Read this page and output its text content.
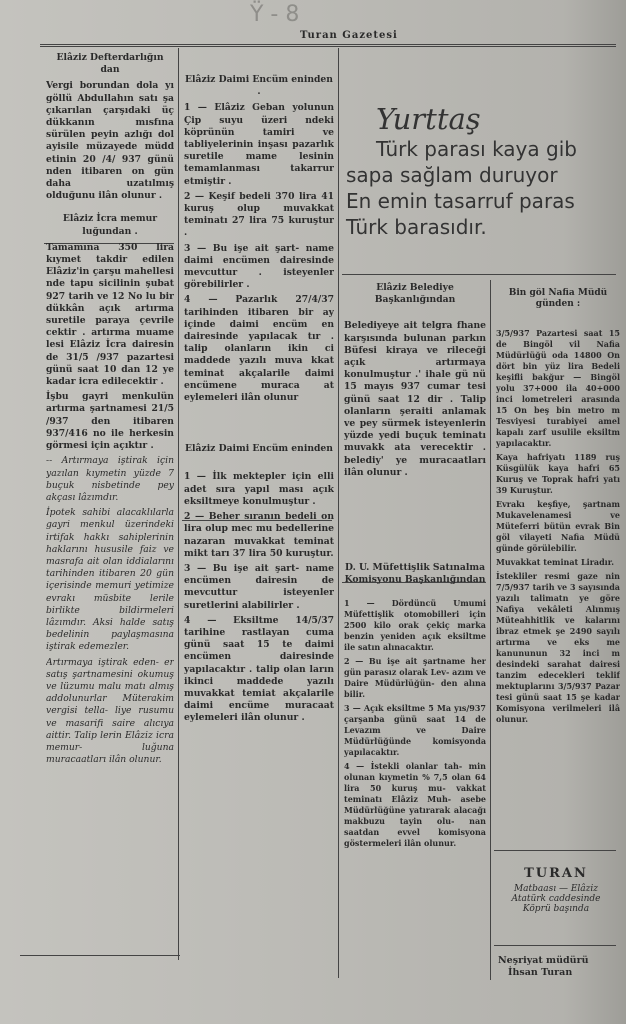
Ÿ - 8
Turan Gazetesi

Elâziz Defterdarlığın dan

Vergi borundan dola yı göllü Abdullahın satı şa çıkarılan çarşıdaki üç dükkanın mısfına sürülen peyin azlığı dol ayisile müzayede müdd etinin 20 /4/ 937 günü nden itibaren on gün daha uzatılmış olduğunu ilân olunur .

Elâziz İcra memur luğundan .

Tamamına 350 lira kıymet takdir edilen Elâziz'in çarşu mahellesi nde tapu sicilinin şubat 927 tarih ve 12 No lu bir dükkân açık artırma suretile paraya çevrile cektir . artırma muame lesi Elâziz İcra dairesin de 31/5 /937 pazartesi günü saat 10 dan 12 ye kadar icra edilecektir .

İşbu gayri menkulün artırma şartnamesi 21/5 /937 den itibaren 937/416 no ile herkesin görmesi için açıktır .

-- Artırmaya iştirak için yazılan kıymetin yüzde 7 buçuk nisbetinde pey akçası lâzımdır.

İpotek sahibi alacaklılarla gayri menkul üzerindeki irtifak hakkı sahiplerinin haklarını hususile faiz ve masrafa ait olan iddialarını tarihinden itibaren 20 gün içerisinde memuri yetimize evrakı müsbite lerile birlikte bildirmeleri lâzımdır. Aksi halde satış bedelinin paylaşmasına iştirak edemezler.

Artırmaya iştirak eden- er satış şartnamesini okumuş ve lüzumu malu matı almış addolunurlar Müterakim vergisi tella- liye rusumu ve masarifi saire alıcıya aittir. Talip lerin Elâziz icra memur- luğuna muracaatları ilân olunur.

Elâziz Daimi Encüm eninden .

1 — Elâziz Geban yolunun Çip suyu üzeri ndeki köprünün tamiri ve tabliyelerinin inşası pazarlık suretile mame lesinin temamlanması takarrur etmiştir .

2 — Keşif bedeli 370 lira 41 kuruş olup muvakkat teminatı 27 lira 75 kuruştur .

3 — Bu işe ait şart- name daimi encümen dairesinde mevcuttur . isteyenler görebilirler .

4 — Pazarlık 27/4/37 tarihinden itibaren bir ay içinde daimi encüm en dairesinde yapılacak tır . talip olanların ikin ci maddede yazılı muva kkat teminat akçalarile daimi encümene muraca at eylemeleri ilân olunur

Elâziz Daimi Encüm eninden

1 — İlk mektepler için elli adet sıra yapıl ması açık eksiltmeye konulmuştur .

2 — Beher sıranın bedeli on lira olup mec mu bedellerine nazaran muvakkat teminat mikt tarı 37 lira 50 kuruştur.

3 — Bu işe ait şart- name encümen dairesin de mevcuttur isteyenler suretlerini alabilirler .

4 — Eksiltme 14/5/37 tarihine rastlayan cuma günü saat 15 te daimi encümen dairesinde yapılacaktır . talip olan ların ikinci maddede yazılı muvakkat temiat akçalarile daimi encüme muracaat eylemeleri ilân olunur .

Yurttaş
Türk parası kaya gib
sapa sağlam duruyor
En emin tasarruf paras
Türk barasıdır.

Elâziz Belediye Başkanlığından

Belediyeye ait telgra fhane karşısında bulunan parkın Büfesi kiraya ve rileceği açık artırmaya konulmuştur .' ihale gü nü 15 mayıs 937 cumar tesi günü saat 12 dir . Talip olanların şeraiti anlamak ve pey sürmek isteyenlerin yüzde yedi buçuk teminatı muvakk ata verecektir . belediy' ye muracaatları ilân olunur .

D. U. Müfettişlik Satınalma Komisyonu Başkanlığından

1 — Dördüncü Umumi Müfettişlik otomobilleri için 2500 kilo orak çekiç marka benzin yeniden açık eksiltme ile satın alınacaktır.

2 — Bu işe ait şartname her gün parasız olarak Lev- azım ve Daire Müdürlüğün- den alına bilir.

3 — Açık eksiltme 5 Ma yıs/937 çarşanba günü saat 14 de Levazım ve Daire Müdürlüğünde komisyonda yapılacaktır.

4 — İstekli olanlar tah- min olunan kıymetin % 7,5 olan 64 lira 50 kuruş mu- vakkat teminatı Elâziz Muh- asebe Müdürlüğüne yatırarak alacağı makbuzu tayin olu- nan saatdan evvel komisyona göstermeleri ilân olunur.

Bin göl Nafia Müdü günden :

3/5/937 Pazartesi saat 15 de Bingöl vil Nafia Müdürlüğü oda 14800 On dört bin yüz lira Bedeli keşifli bakğur — Bingöl yolu 37+000 ila 40+000 inci lometreleri arasında 15 On beş bin metro m Tesviyesi turabiyei amel kapalı zarf usulile eksiltm yapılacaktır.

Kaya hafriyatı 1189 ruş Küsgülük kaya hafri 65 Kuruş ve Toprak hafri yatı 39 Kuruştur.

Evrakı keşfiye, şartnam Mukavelenamesi ve Müteferri bütün evrak Bin göl vilayeti Nafia Müdü günde görülebilir.

Muvakkat teminat Liradır.

İstekliler resmi gaze nin 7/5/937 tarih ve 3 sayısında yazılı talimatn ye göre Nafiya vekâleti Alınmış Müteahhitlik ve kalarını ibraz etmek şe 2490 sayılı artırma ve eks me kanununun 32 inci m desindeki sarahat dairesi tanzim edecekleri teklif mektuplarını 3/5/937 Pazar tesi günü saat 15 şe kadar Komisyona verilmeleri ilâ olunur.

TURAN
Matbaası — Elâziz
Atatürk caddesinde
Köprü başında
Neşriyat müdürü
İhsan Turan
